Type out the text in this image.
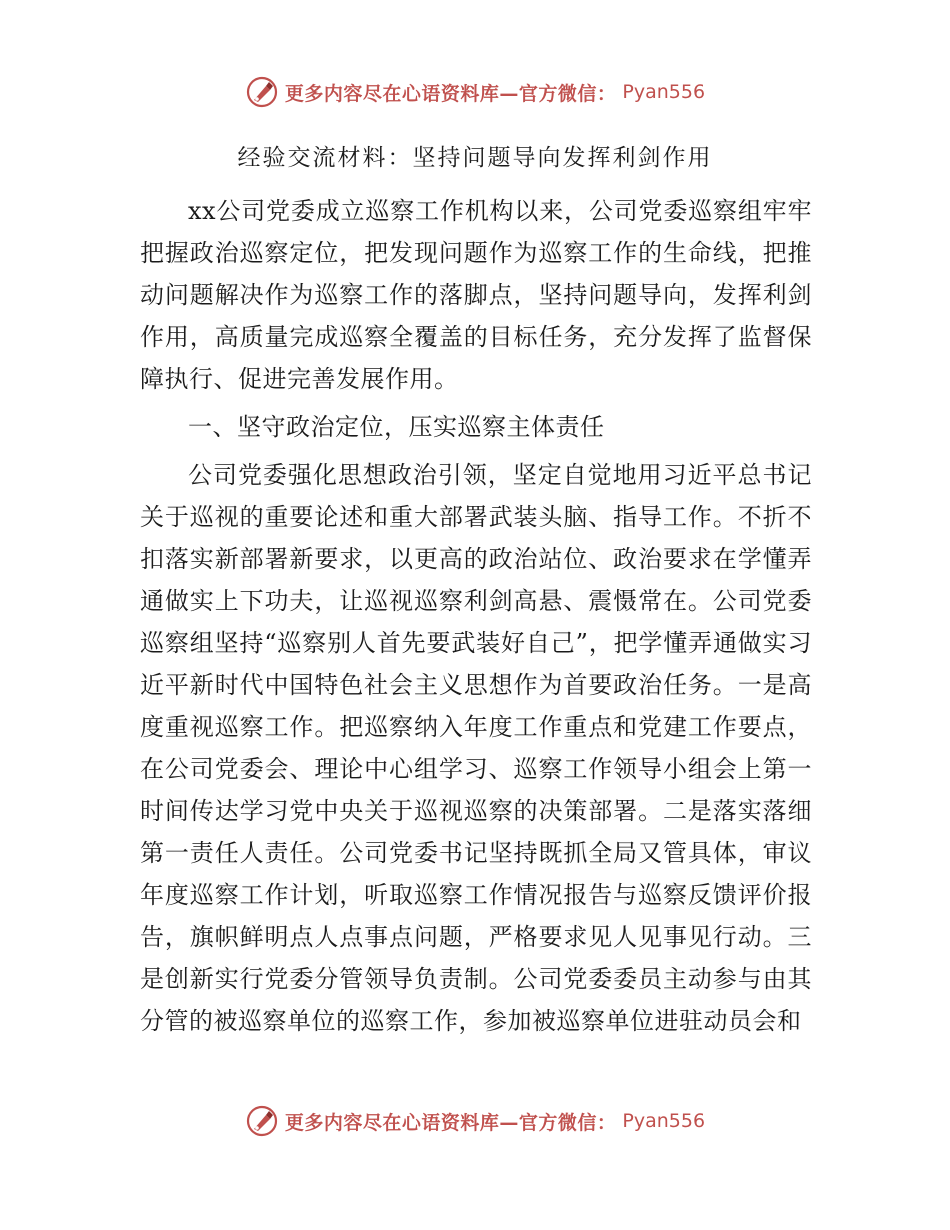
更多内容尽在心语资料库—官方微信： Pyan556
经验交流材料：坚持问题导向发挥利剑作用

xx公司党委成立巡察工作机构以来，公司党委巡察组牢牢把握政治巡察定位，把发现问题作为巡察工作的生命线，把推动问题解决作为巡察工作的落脚点，坚持问题导向，发挥利剑作用，高质量完成巡察全覆盖的目标任务，充分发挥了监督保障执行、促进完善发展作用。

一、坚守政治定位，压实巡察主体责任

公司党委强化思想政治引领，坚定自觉地用习近平总书记关于巡视的重要论述和重大部署武装头脑、指导工作。不折不扣落实新部署新要求，以更高的政治站位、政治要求在学懂弄通做实上下功夫，让巡视巡察利剑高悬、震慑常在。公司党委巡察组坚持“巡察别人首先要武装好自己”，把学懂弄通做实习近平新时代中国特色社会主义思想作为首要政治任务。一是高度重视巡察工作。把巡察纳入年度工作重点和党建工作要点，在公司党委会、理论中心组学习、巡察工作领导小组会上第一时间传达学习党中央关于巡视巡察的决策部署。二是落实落细第一责任人责任。公司党委书记坚持既抓全局又管具体，审议年度巡察工作计划，听取巡察工作情况报告与巡察反馈评价报告，旗帜鲜明点人点事点问题，严格要求见人见事见行动。三是创新实行党委分管领导负责制。公司党委委员主动参与由其分管的被巡察单位的巡察工作，参加被巡察单位进驻动员会和

更多内容尽在心语资料库—官方微信： Pyan556
